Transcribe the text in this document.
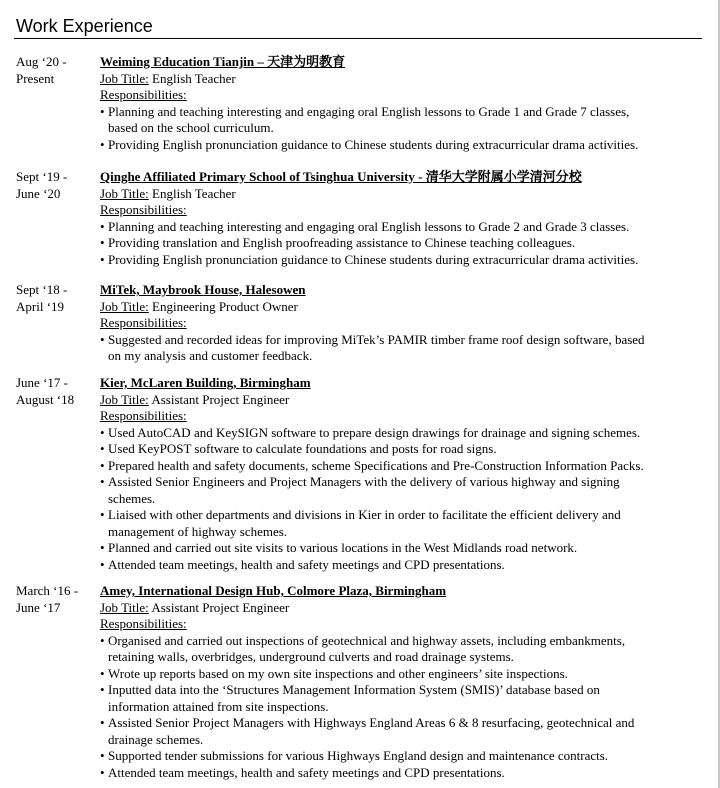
Work Experience
Aug ‘20 -
Present
Weiming Education Tianjin – 天津为明教育
Job Title: English Teacher
Responsibilities:
• Planning and teaching interesting and engaging oral English lessons to Grade 1 and Grade 7 classes,
based on the school curriculum.
• Providing English pronunciation guidance to Chinese students during extracurricular drama activities.
Sept ‘19 -
June ‘20
Qinghe Affiliated Primary School of Tsinghua University - 清华大学附属小学清河分校
Job Title: English Teacher
Responsibilities:
• Planning and teaching interesting and engaging oral English lessons to Grade 2 and Grade 3 classes.
• Providing translation and English proofreading assistance to Chinese teaching colleagues.
• Providing English pronunciation guidance to Chinese students during extracurricular drama activities.
Sept ‘18 -
April ‘19
MiTek, Maybrook House, Halesowen
Job Title: Engineering Product Owner
Responsibilities:
• Suggested and recorded ideas for improving MiTek’s PAMIR timber frame roof design software, based
on my analysis and customer feedback.
June ‘17 -
August ‘18
Kier, McLaren Building, Birmingham
Job Title: Assistant Project Engineer
Responsibilities:
• Used AutoCAD and KeySIGN software to prepare design drawings for drainage and signing schemes.
• Used KeyPOST software to calculate foundations and posts for road signs.
• Prepared health and safety documents, scheme Specifications and Pre-Construction Information Packs.
• Assisted Senior Engineers and Project Managers with the delivery of various highway and signing
schemes.
• Liaised with other departments and divisions in Kier in order to facilitate the efficient delivery and
management of highway schemes.
• Planned and carried out site visits to various locations in the West Midlands road network.
• Attended team meetings, health and safety meetings and CPD presentations.
March ‘16 -
June ‘17
Amey, International Design Hub, Colmore Plaza, Birmingham
Job Title: Assistant Project Engineer
Responsibilities:
• Organised and carried out inspections of geotechnical and highway assets, including embankments,
retaining walls, overbridges, underground culverts and road drainage systems.
• Wrote up reports based on my own site inspections and other engineers’ site inspections.
• Inputted data into the ‘Structures Management Information System (SMIS)’ database based on
information attained from site inspections.
• Assisted Senior Project Managers with Highways England Areas 6 & 8 resurfacing, geotechnical and
drainage schemes.
• Supported tender submissions for various Highways England design and maintenance contracts.
• Attended team meetings, health and safety meetings and CPD presentations.
